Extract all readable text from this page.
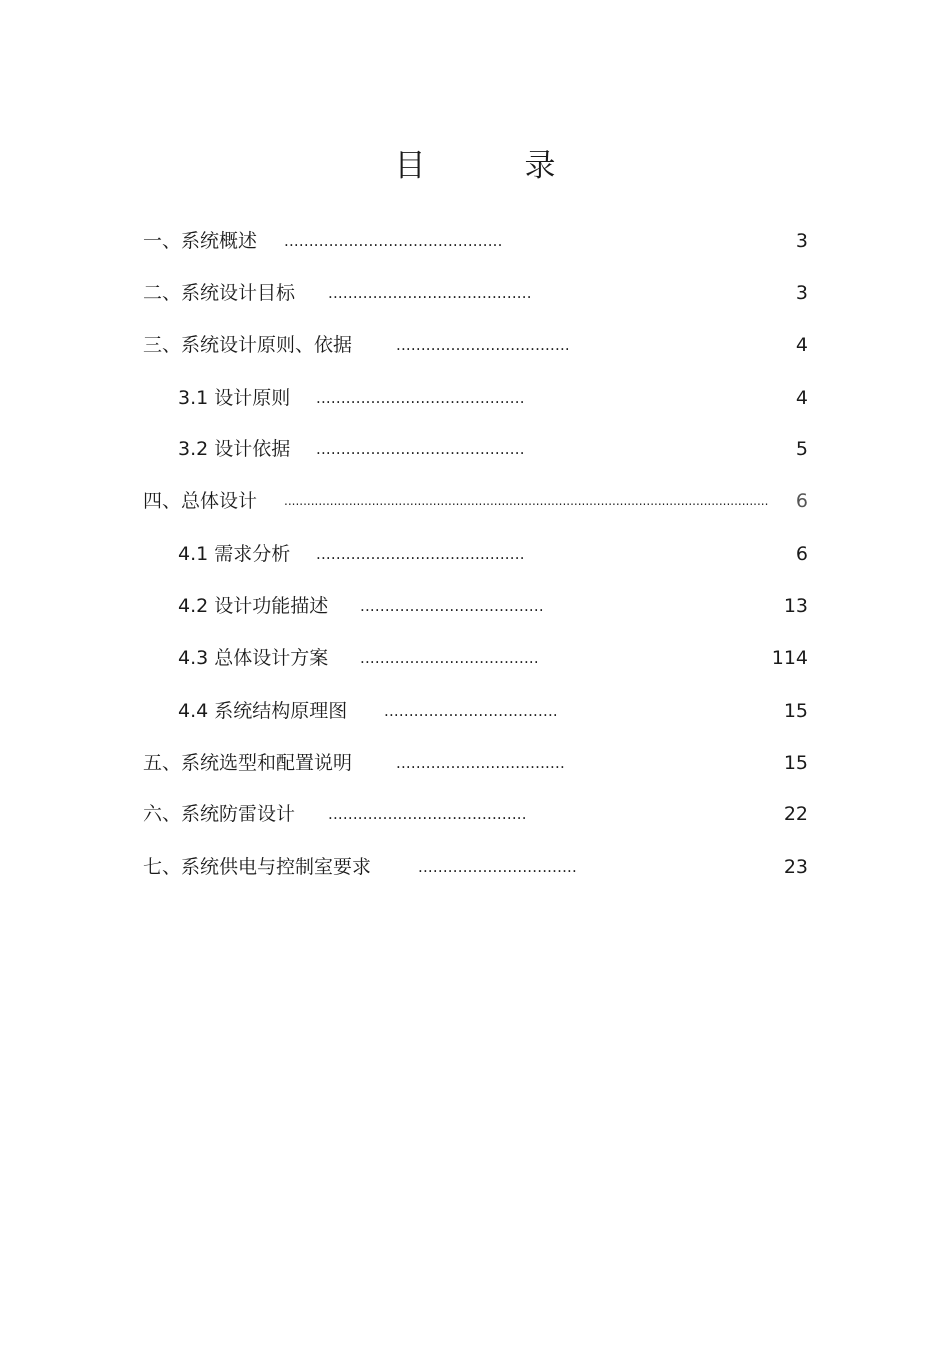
目　录
一、系统概述 ............................................	3
二、系统设计目标 .........................................	3
三、系统设计原则、依据	...................................	4
3.1 设计原则 ..........................................	4
3.2 设计依据 ..........................................	5
四、总体设计 ...............................................................................................................................	6
4.1 需求分析 ..........................................	6
4.2 设计功能描述 .....................................	13
4.3 总体设计方案 ....................................	114
4.4 系统结构原理图 ...................................	15
五、系统选型和配置说明	..................................	15
六、系统防雷设计 ........................................	22
七、系统供电与控制室要求	................................	23
